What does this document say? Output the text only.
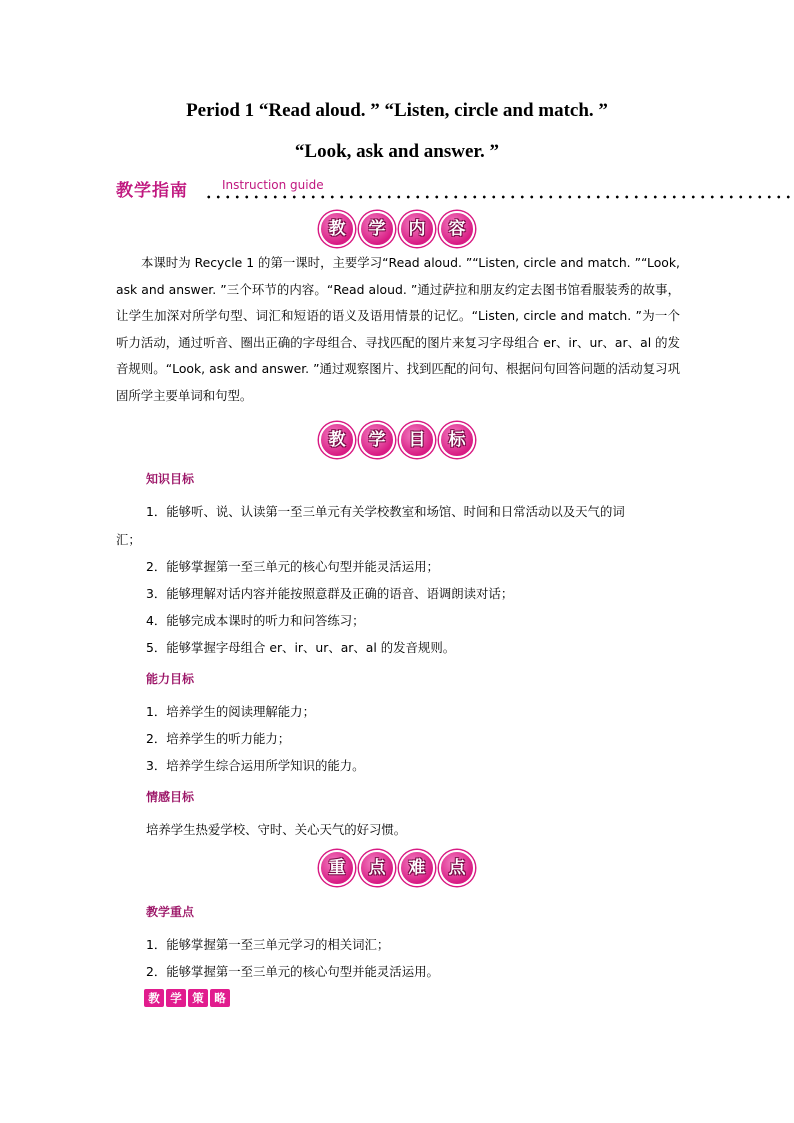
Period 1 “Read aloud. ” “Listen, circle and match. ”
“Look, ask and answer. ”
教学指南	Instruction guide
教	学	内	容
本课时为 Recycle 1 的第一课时，主要学习“Read aloud. ”“Listen, circle and match. ”“Look, ask and answer. ”三个环节的内容。“Read aloud. ”通过萨拉和朋友约定去图书馆看服装秀的故事，让学生加深对所学句型、词汇和短语的语义及语用情景的记忆。“Listen, circle and match. ”为一个听力活动，通过听音、圈出正确的字母组合、寻找匹配的图片来复习字母组合 er、ir、ur、ar、al 的发音规则。“Look, ask and answer. ”通过观察图片、找到匹配的问句、根据问句回答问题的活动复习巩固所学主要单词和句型。
教	学	目	标
知识目标
1．能够听、说、认读第一至三单元有关学校教室和场馆、时间和日常活动以及天气的词
汇；
2．能够掌握第一至三单元的核心句型并能灵活运用；
3．能够理解对话内容并能按照意群及正确的语音、语调朗读对话；
4．能够完成本课时的听力和问答练习；
5．能够掌握字母组合 er、ir、ur、ar、al 的发音规则。
能力目标
1．培养学生的阅读理解能力；
2．培养学生的听力能力；
3．培养学生综合运用所学知识的能力。
情感目标
培养学生热爱学校、守时、关心天气的好习惯。
重	点	难	点
教学重点
1．能够掌握第一至三单元学习的相关词汇；
2．能够掌握第一至三单元的核心句型并能灵活运用。
教 学 策 略
